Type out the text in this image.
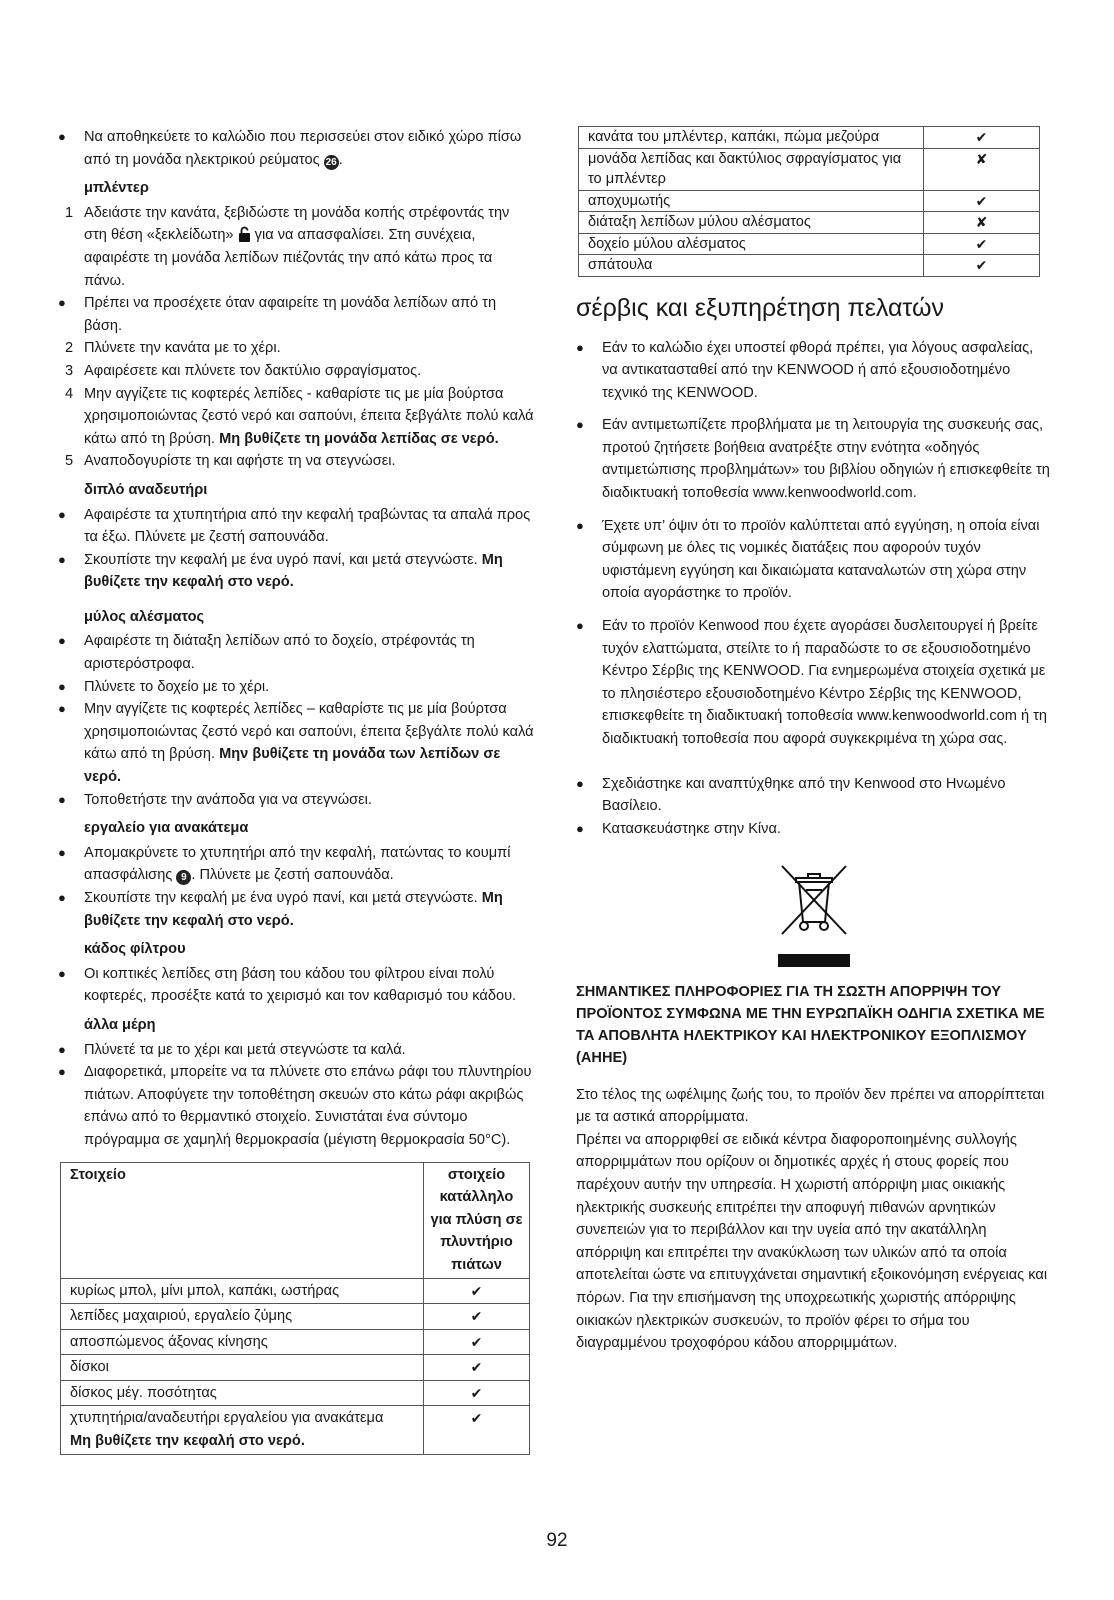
● Να αποθηκεύετε το καλώδιο που περισσεύει στον ειδικό χώρο πίσω από τη μονάδα ηλεκτρικού ρεύματος 26 .

μπλέντερ

1 Αδειάστε την κανάτα, ξεβιδώστε τη μονάδα κοπής στρέφοντάς την στη θέση «ξεκλείδωτη»  για να απασφαλίσει. Στη συνέχεια, αφαιρέστε τη μονάδα λεπίδων πιέζοντάς την από κάτω προς τα πάνω.

● Πρέπει να προσέχετε όταν αφαιρείτε τη μονάδα λεπίδων από τη βάση.

2 Πλύνετε την κανάτα με το χέρι.

3 Αφαιρέσετε και πλύνετε τον δακτύλιο σφραγίσματος.

4 Μην αγγίζετε τις κοφτερές λεπίδες - καθαρίστε τις με μία βούρτσα χρησιμοποιώντας ζεστό νερό και σαπούνι, έπειτα ξεβγάλτε πολύ καλά κάτω από τη βρύση. Μη βυθίζετε τη μονάδα λεπίδας σε νερό.

5 Αναποδογυρίστε τη και αφήστε τη να στεγνώσει.

διπλό αναδευτήρι

● Αφαιρέστε τα χτυπητήρια από την κεφαλή τραβώντας τα απαλά προς τα έξω. Πλύνετε με ζεστή σαπουνάδα.

● Σκουπίστε την κεφαλή με ένα υγρό πανί, και μετά στεγνώστε. Μη βυθίζετε την κεφαλή στο νερό.

μύλος αλέσματος

● Αφαιρέστε τη διάταξη λεπίδων από το δοχείο, στρέφοντάς τη αριστερόστροφα.

● Πλύνετε το δοχείο με το χέρι.

● Μην αγγίζετε τις κοφτερές λεπίδες – καθαρίστε τις με μία βούρτσα χρησιμοποιώντας ζεστό νερό και σαπούνι, έπειτα ξεβγάλτε πολύ καλά κάτω από τη βρύση. Μην βυθίζετε τη μονάδα των λεπίδων σε νερό.

● Τοποθετήστε την ανάποδα για να στεγνώσει.

εργαλείο για ανακάτεμα

● Απομακρύνετε το χτυπητήρι από την κεφαλή, πατώντας το κουμπί απασφάλισης 9 . Πλύνετε με ζεστή σαπουνάδα.

● Σκουπίστε την κεφαλή με ένα υγρό πανί, και μετά στεγνώστε. Μη βυθίζετε την κεφαλή στο νερό.

κάδος φίλτρου

● Οι κοπτικές λεπίδες στη βάση του κάδου του φίλτρου είναι πολύ κοφτερές, προσέξτε κατά το χειρισμό και τον καθαρισμό του κάδου.

άλλα μέρη

● Πλύνετέ τα με το χέρι και μετά στεγνώστε τα καλά.

● Διαφορετικά, μπορείτε να τα πλύνετε στο επάνω ράφι του πλυντηρίου πιάτων. Αποφύγετε την τοποθέτηση σκευών στο κάτω ράφι ακριβώς επάνω από το θερμαντικό στοιχείο. Συνιστάται ένα σύντομο πρόγραμμα σε χαμηλή θερμοκρασία (μέγιστη θερμοκρασία 50°C).

Στοιχείο	στοιχείο κατάλληλο για πλύση σε πλυντήριο πιάτων
κυρίως μπολ, μίνι μπολ, καπάκι, ωστήρας	✔
λεπίδες μαχαιριού, εργαλείο ζύμης	✔
αποσπώμενος άξονας κίνησης	✔
δίσκοι	✔
δίσκος μέγ. ποσότητας	✔

χτυπητήρια/αναδευτήρι εργαλείου για ανακάτεμα
Μη βυθίζετε την κεφαλή στο νερό.	✔
κανάτα του μπλέντερ, καπάκι, πώμα μεζούρα	✔
μονάδα λεπίδας και δακτύλιος σφραγίσματος για το μπλέντερ	✘
αποχυμωτής	✔
διάταξη λεπίδων μύλου αλέσματος	✘
δοχείο μύλου αλέσματος	✔
σπάτουλα	✔
σέρβις και εξυπηρέτηση πελατών

● Εάν το καλώδιο έχει υποστεί φθορά πρέπει, για λόγους ασφαλείας, να αντικατασταθεί από την KENWOOD ή από εξουσιοδοτημένο τεχνικό της KENWOOD.

● Εάν αντιμετωπίζετε προβλήματα με τη λειτουργία της συσκευής σας, προτού ζητήσετε βοήθεια ανατρέξτε στην ενότητα «οδηγός αντιμετώπισης προβλημάτων» του βιβλίου οδηγιών ή επισκεφθείτε τη διαδικτυακή τοποθεσία www.kenwoodworld.com.

● Έχετε υπ’ όψιν ότι το προϊόν καλύπτεται από εγγύηση, η οποία είναι σύμφωνη με όλες τις νομικές διατάξεις που αφορούν τυχόν υφιστάμενη εγγύηση και δικαιώματα καταναλωτών στη χώρα στην οποία αγοράστηκε το προϊόν.

● Εάν το προϊόν Kenwood που έχετε αγοράσει δυσλειτουργεί ή βρείτε τυχόν ελαττώματα, στείλτε το ή παραδώστε το σε εξουσιοδοτημένο Κέντρο Σέρβις της KENWOOD. Για ενημερωμένα στοιχεία σχετικά με το πλησιέστερο εξουσιοδοτημένο Κέντρο Σέρβις της KENWOOD, επισκεφθείτε τη διαδικτυακή τοποθεσία www.kenwoodworld.com ή τη διαδικτυακή τοποθεσία που αφορά συγκεκριμένα τη χώρα σας.

● Σχεδιάστηκε και αναπτύχθηκε από την Kenwood στο Ηνωμένο Βασίλειο.

● Κατασκευάστηκε στην Κίνα.

ΣΗΜΑΝΤΙΚΕΣ ΠΛΗΡΟΦΟΡΙΕΣ ΓΙΑ ΤΗ ΣΩΣΤΗ ΑΠΟΡΡΙΨΗ ΤΟΥ ΠΡΟΪΟΝΤΟΣ ΣΥΜΦΩΝΑ ΜΕ ΤΗΝ ΕΥΡΩΠΑΪΚΗ ΟΔΗΓΙΑ ΣΧΕΤΙΚΑ ΜΕ ΤΑ ΑΠΟΒΛΗΤΑ ΗΛΕΚΤΡΙΚΟΥ ΚΑΙ ΗΛΕΚΤΡΟΝΙΚΟΥ ΕΞΟΠΛΙΣΜΟΥ (ΑΗΗΕ)

Στο τέλος της ωφέλιμης ζωής του, το προϊόν δεν πρέπει να απορρίπτεται με τα αστικά απορρίμματα.

Πρέπει να απορριφθεί σε ειδικά κέντρα διαφοροποιημένης συλλογής απορριμμάτων που ορίζουν οι δημοτικές αρχές ή στους φορείς που παρέχουν αυτήν την υπηρεσία. Η χωριστή απόρριψη μιας οικιακής ηλεκτρικής συσκευής επιτρέπει την αποφυγή πιθανών αρνητικών συνεπειών για το περιβάλλον και την υγεία από την ακατάλληλη απόρριψη και επιτρέπει την ανακύκλωση των υλικών από τα οποία αποτελείται ώστε να επιτυγχάνεται σημαντική εξοικονόμηση ενέργειας και πόρων. Για την επισήμανση της υποχρεωτικής χωριστής απόρριψης οικιακών ηλεκτρικών συσκευών, το προϊόν φέρει το σήμα του διαγραμμένου τροχοφόρου κάδου απορριμμάτων.

92
